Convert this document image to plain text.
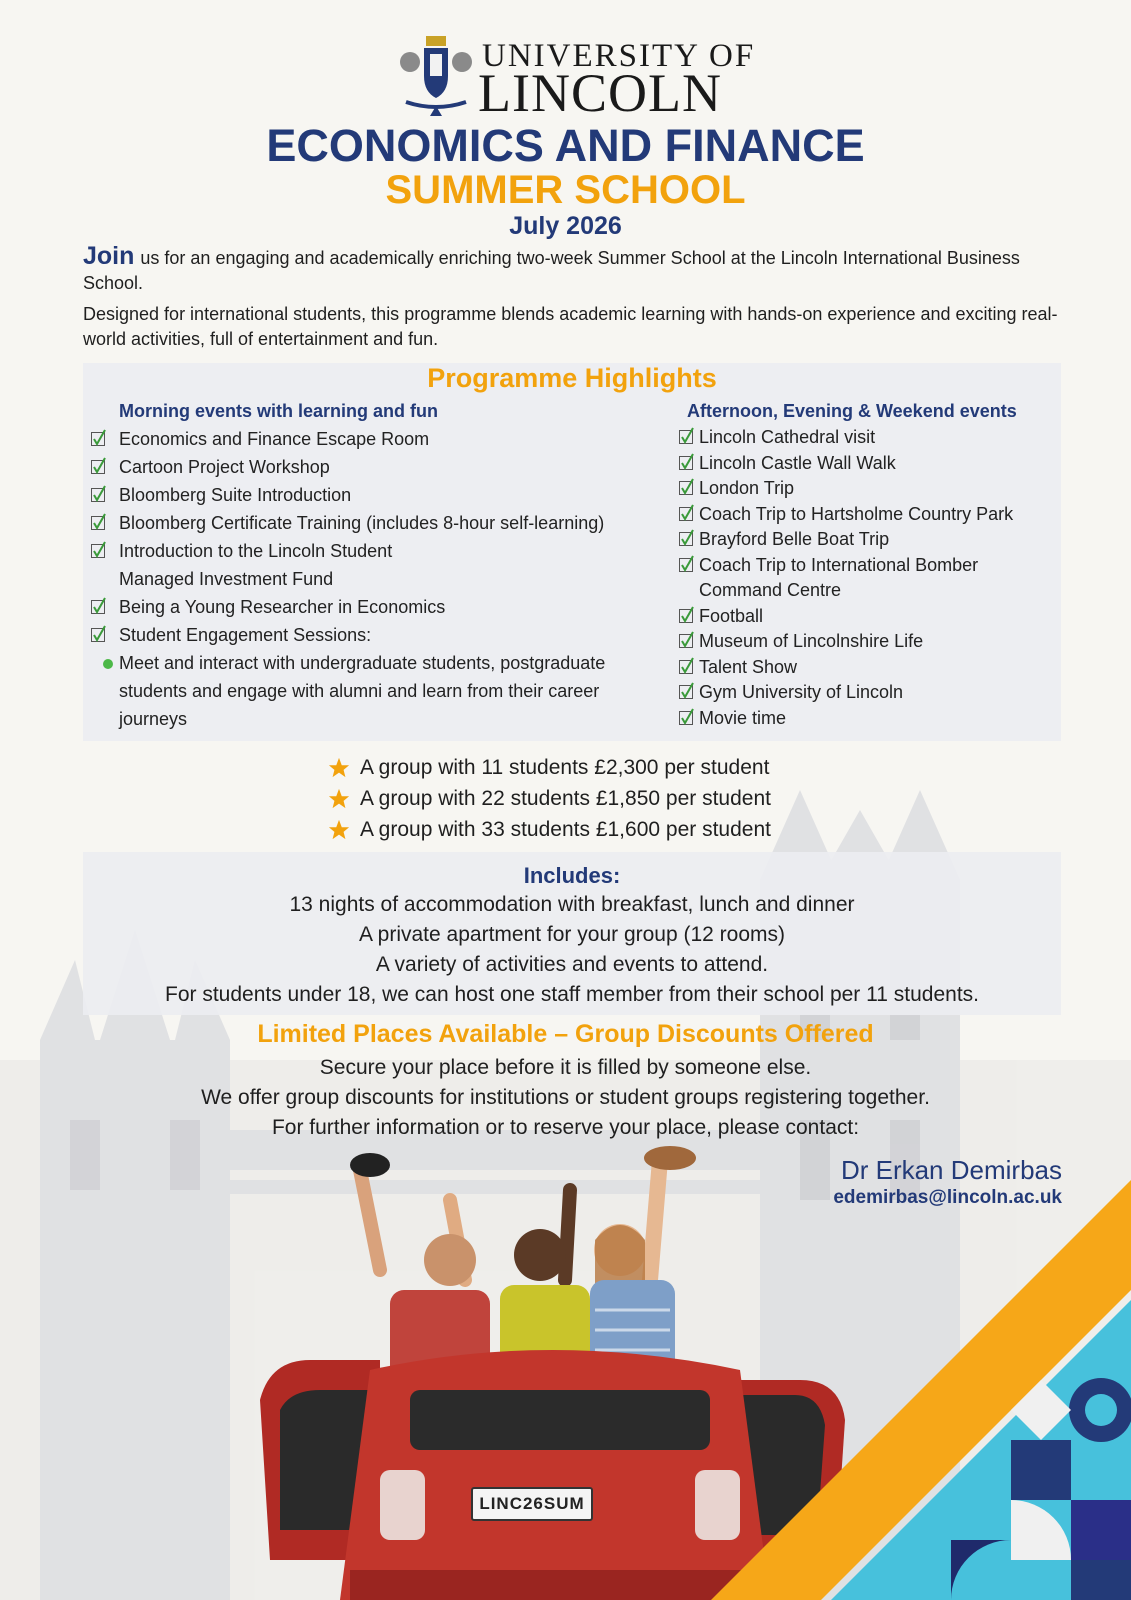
UNIVERSITY OF
LINCOLN
ECONOMICS AND FINANCE
SUMMER SCHOOL
July 2026

Join us for an engaging and academically enriching two-week Summer School at the Lincoln International Business School.

Designed for international students, this programme blends academic learning with hands-on experience and exciting real-world activities, full of entertainment and fun.

Programme Highlights
Morning events with learning and fun
Economics and Finance Escape Room
Cartoon Project Workshop
Bloomberg Suite Introduction
Bloomberg Certificate Training (includes 8-hour self-learning)
Introduction to the Lincoln Student
Managed Investment Fund
Being a Young Researcher in Economics
Student Engagement Sessions:
Meet and interact with undergraduate students, postgraduate
students and engage with alumni and learn from their career
journeys
Afternoon, Evening & Weekend events
Lincoln Cathedral visit
Lincoln Castle Wall Walk
London Trip
Coach Trip to Hartsholme Country Park
Brayford Belle Boat Trip
Coach Trip to International Bomber
Command Centre
Football
Museum of Lincolnshire Life
Talent Show
Gym University of Lincoln
Movie time
A group with 11 students £2,300 per student
A group with 22 students £1,850 per student
A group with 33 students £1,600 per student
Includes:
13 nights of accommodation with breakfast, lunch and dinner
A private apartment for your group (12 rooms)
A variety of activities and events to attend.
For students under 18, we can host one staff member from their school per 11 students.
Limited Places Available – Group Discounts Offered
Secure your place before it is filled by someone else.
We offer group discounts for institutions or student groups registering together.
For further information or to reserve your place, please contact:
Dr Erkan Demirbas
edemirbas@lincoln.ac.uk
LINC26SUM
